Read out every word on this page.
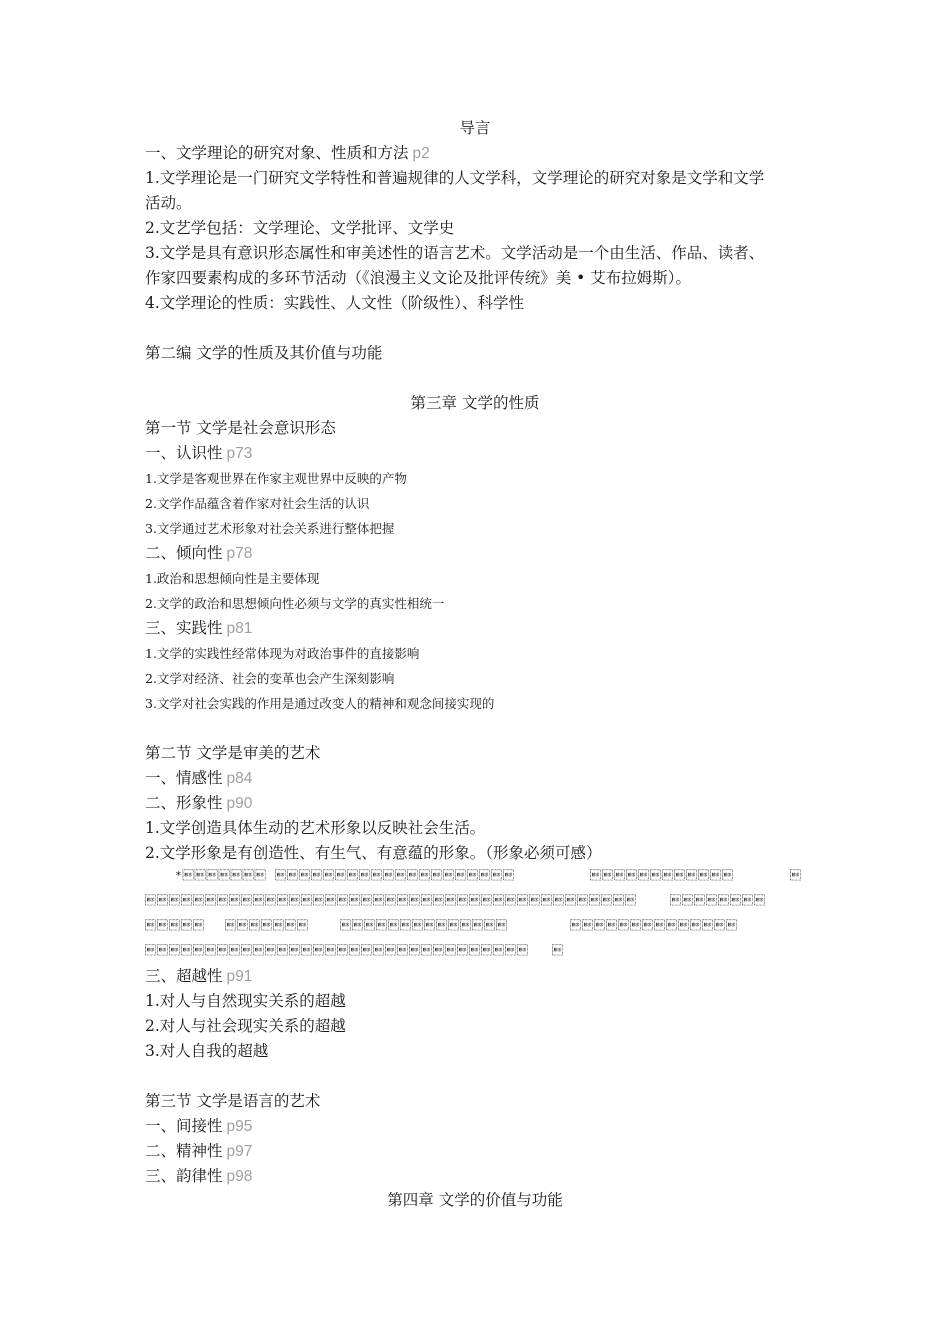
导言
一、文学理论的研究对象、性质和方法 p2
1.文学理论是一门研究文学特性和普遍规律的人文学科，文学理论的研究对象是文学和文学
活动。
2.文艺学包括：文学理论、文学批评、文学史
3.文学是具有意识形态属性和审美述性的语言艺术。文学活动是一个由生活、作品、读者、
作家四要素构成的多环节活动（《浪漫主义文论及批评传统》美 • 艾布拉姆斯）。
4.文学理论的性质：实践性、人文性（阶级性）、科学性
第二编 文学的性质及其价值与功能
第三章 文学的性质
第一节 文学是社会意识形态
一、认识性 p73
1.文学是客观世界在作家主观世界中反映的产物
2.文学作品蕴含着作家对社会生活的认识
3.文学通过艺术形象对社会关系进行整体把握
二、倾向性 p78
1.政治和思想倾向性是主要体现
2.文学的政治和思想倾向性必须与文学的真实性相统一
三、实践性 p81
1.文学的实践性经常体现为对政治事件的直接影响
2.文学对经济、社会的变革也会产生深刻影响
3.文学对社会实践的作用是通过改变人的精神和观念间接实现的
第二节 文学是审美的艺术
一、情感性 p84
二、形象性 p90
1.文学创造具体生动的艺术形象以反映社会生活。
2.文学形象是有创造性、有生气、有意蕴的形象。（形象必须可感）
* 		
	
 		
 
三、超越性 p91
1.对人与自然现实关系的超越
2.对人与社会现实关系的超越
3.对人自我的超越
第三节 文学是语言的艺术
一、间接性 p95
二、精神性 p97
三、韵律性 p98
第四章 文学的价值与功能
